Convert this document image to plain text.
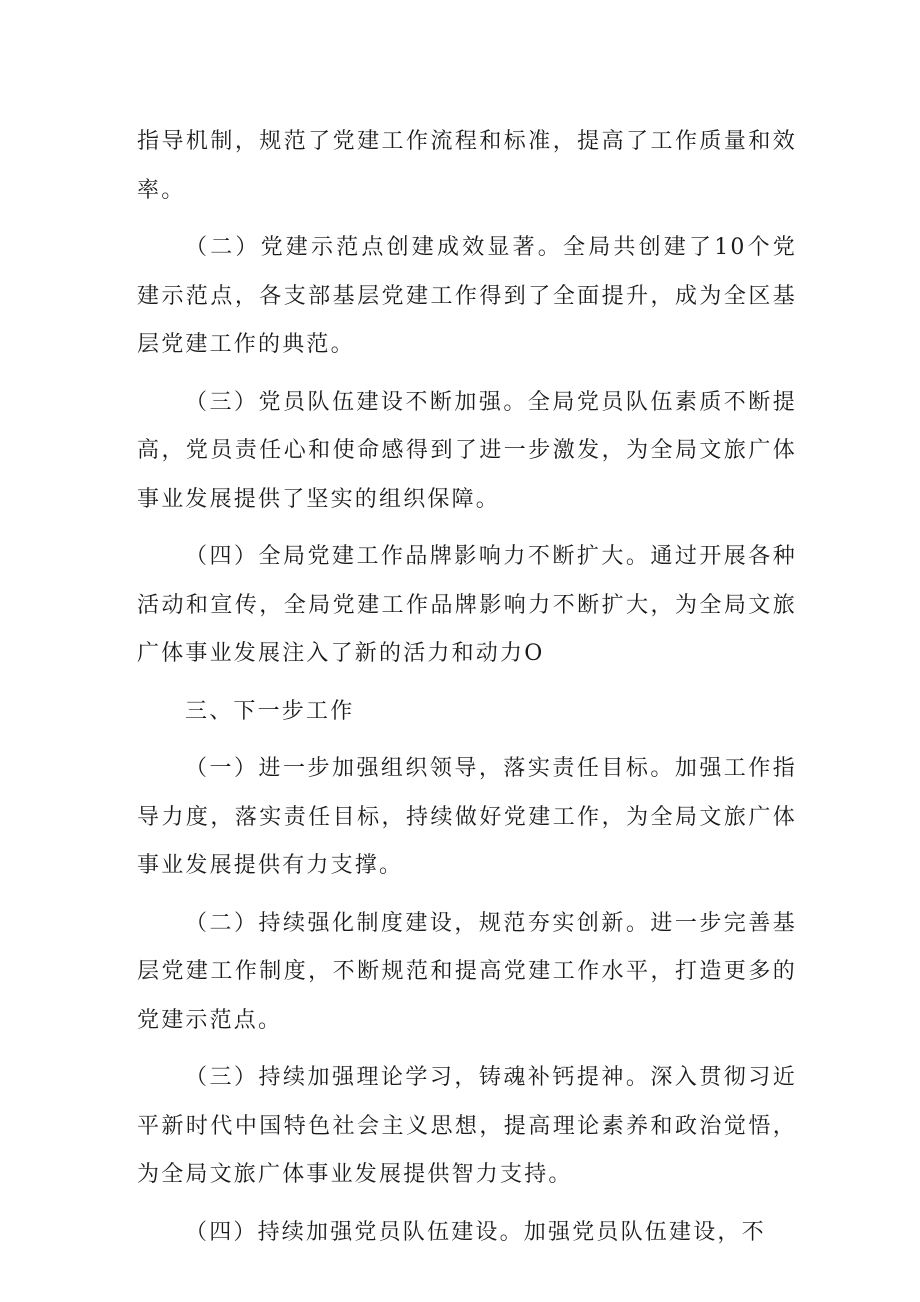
指导机制，规范了党建工作流程和标准，提高了工作质量和效率。

（二）党建示范点创建成效显著。全局共创建了10个党建示范点，各支部基层党建工作得到了全面提升，成为全区基层党建工作的典范。

（三）党员队伍建设不断加强。全局党员队伍素质不断提高，党员责任心和使命感得到了进一步激发，为全局文旅广体事业发展提供了坚实的组织保障。

（四）全局党建工作品牌影响力不断扩大。通过开展各种活动和宣传，全局党建工作品牌影响力不断扩大，为全局文旅广体事业发展注入了新的活力和动力O

三、下一步工作

（一）进一步加强组织领导，落实责任目标。加强工作指导力度，落实责任目标，持续做好党建工作，为全局文旅广体事业发展提供有力支撑。

（二）持续强化制度建设，规范夯实创新。进一步完善基层党建工作制度，不断规范和提高党建工作水平，打造更多的党建示范点。

（三）持续加强理论学习，铸魂补钙提神。深入贯彻习近平新时代中国特色社会主义思想，提高理论素养和政治觉悟，为全局文旅广体事业发展提供智力支持。

（四）持续加强党员队伍建设。加强党员队伍建设，不
